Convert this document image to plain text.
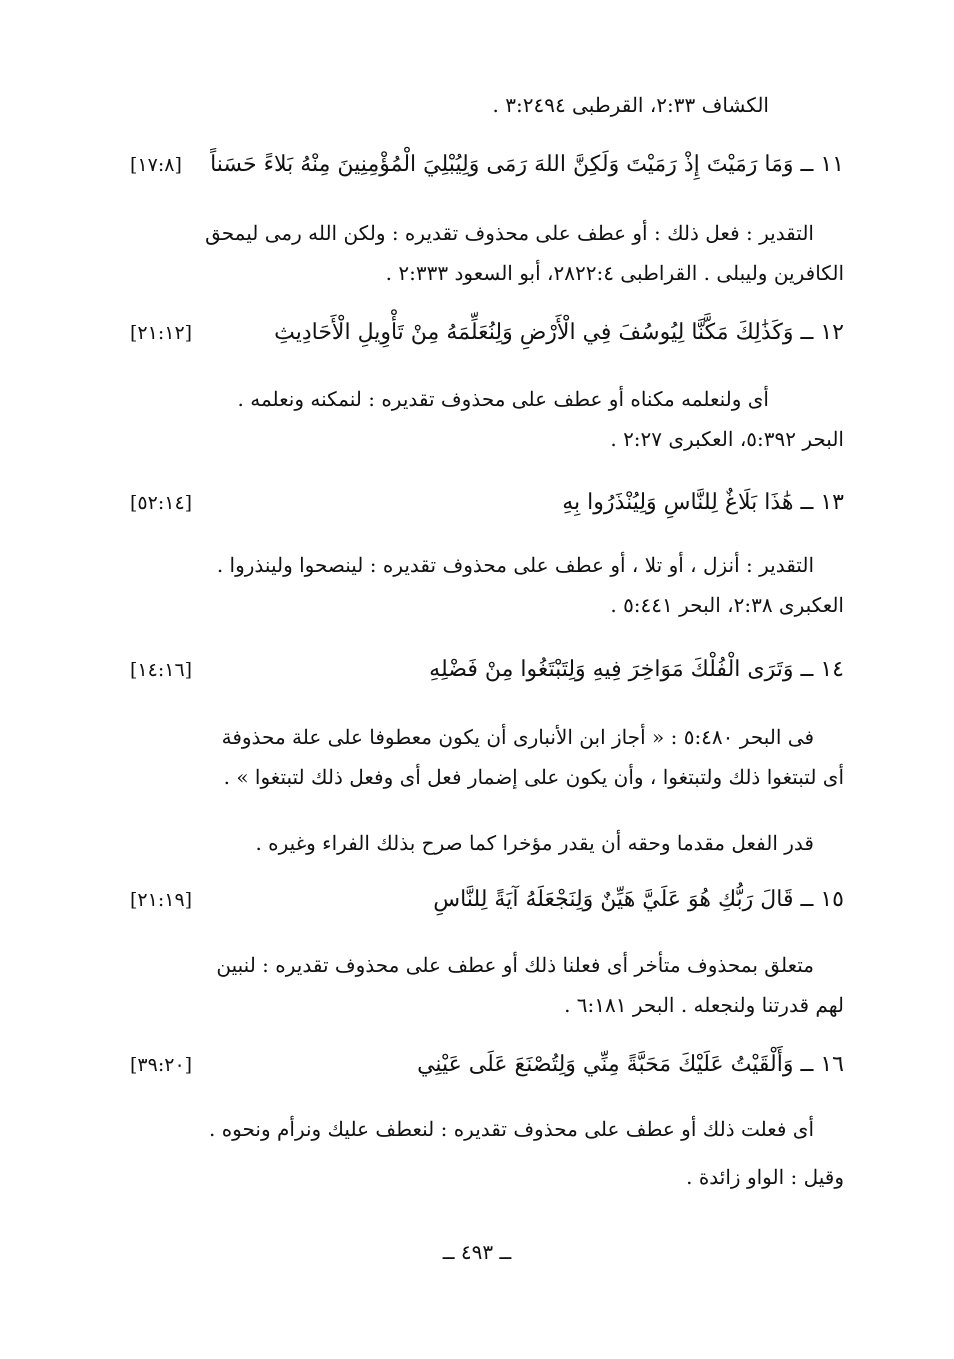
الكشاف ٢:٣٣، القرطبى ٣:٢٤٩٤ .
١١ ــ وَمَا رَمَيْتَ إِذْ رَمَيْتَ وَلَكِنَّ اللهَ رَمَى وَلِيُبْلِيَ الْمُؤْمِنِينَ مِنْهُ بَلاءً حَسَناً
[١٧:٨]
التقدير : فعل ذلك : أو عطف على محذوف تقديره : ولكن الله رمى ليمحق
الكافرين وليبلى . القراطبى ٢٨٢٢:٤، أبو السعود ٢:٣٣٣ .
١٢ ــ وَكَذَٰلِكَ مَكَّنَّا لِيُوسُفَ فِي الْأَرْضِ وَلِنُعَلِّمَهُ مِنْ تَأْوِيلِ الْأَحَادِيثِ
[٢١:١٢]
أى ولنعلمه مكناه أو عطف على محذوف تقديره : لنمكنه ونعلمه .
البحر ٥:٣٩٢، العكبرى ٢:٢٧ .
١٣ ــ هَٰذَا بَلَاغٌ لِلنَّاسِ وَلِيُنْذَرُوا بِهِ
[٥٢:١٤]
التقدير : أنزل ، أو تلا ، أو عطف على محذوف تقديره : لينصحوا ولينذروا .
العكبرى ٢:٣٨، البحر ٥:٤٤١ .
١٤ ــ وَتَرَى الْفُلْكَ مَوَاخِرَ فِيهِ وَلِتَبْتَغُوا مِنْ فَضْلِهِ
[١٤:١٦]
فى البحر ٥:٤٨٠ : « أجاز ابن الأنبارى أن يكون معطوفا على علة محذوفة
أى لتبتغوا ذلك ولتبتغوا ، وأن يكون على إضمار فعل أى وفعل ذلك لتبتغوا » .
قدر الفعل مقدما وحقه أن يقدر مؤخرا كما صرح بذلك الفراء وغيره .
١٥ ــ قَالَ رَبُّكِ هُوَ عَلَيَّ هَيِّنٌ وَلِنَجْعَلَهُ آيَةً لِلنَّاسِ
[٢١:١٩]
متعلق بمحذوف متأخر أى فعلنا ذلك أو عطف على محذوف تقديره : لنبين
لهم قدرتنا ولنجعله . البحر ٦:١٨١ .
١٦ ــ وَأَلْقَيْتُ عَلَيْكَ مَحَبَّةً مِنِّي وَلِتُصْنَعَ عَلَى عَيْنِي
[٣٩:٢٠]
أى فعلت ذلك أو عطف على محذوف تقديره : لنعطف عليك ونرأم ونحوه .
وقيل : الواو زائدة .
ــ ٤٩٣ ــ
